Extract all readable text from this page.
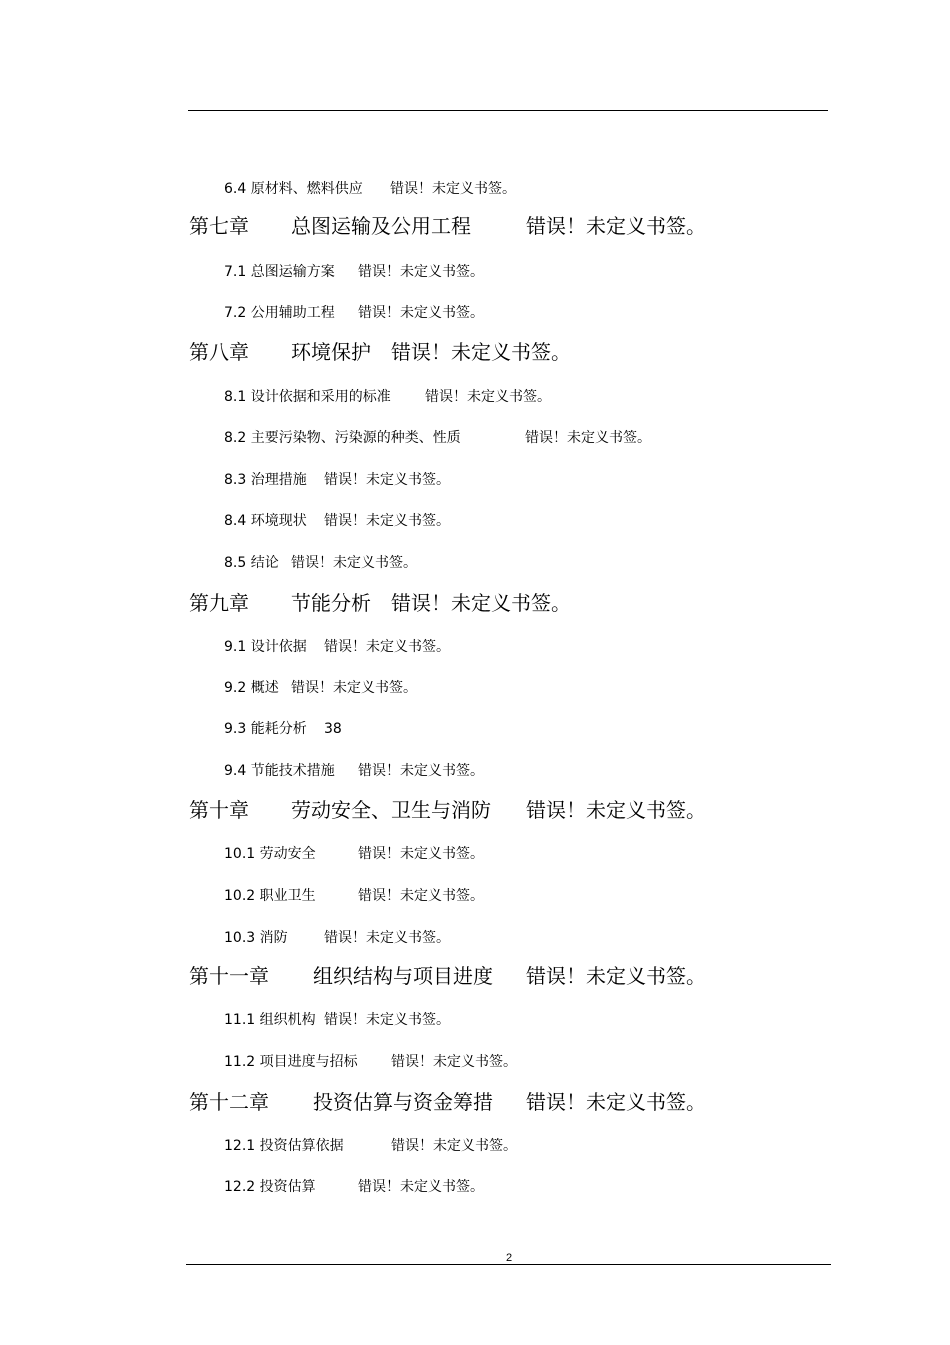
6.4 原材料、燃料供应 错误！未定义书签。
第七章 总图运输及公用工程	错误！未定义书签。
7.1 总图运输方案 错误！未定义书签。
7.2 公用辅助工程 错误！未定义书签。
第八章 环境保护 错误！未定义书签。
8.1 设计依据和采用的标准 错误！未定义书签。
8.2 主要污染物、污染源的种类、性质	错误！未定义书签。
8.3 治理措施 错误！未定义书签。
8.4 环境现状 错误！未定义书签。
8.5 结论 错误！未定义书签。
第九章 节能分析 错误！未定义书签。
9.1 设计依据 错误！未定义书签。
9.2 概述 错误！未定义书签。
9.3 能耗分析 38
9.4 节能技术措施 错误！未定义书签。
第十章 劳动安全、卫生与消防 错误！未定义书签。
10.1 劳动安全	错误！未定义书签。
10.2 职业卫生	错误！未定义书签。
10.3 消防	错误！未定义书签。
第十一章 组织结构与项目进度 错误！未定义书签。
11.1 组织机构 错误！未定义书签。
11.2 项目进度与招标 错误！未定义书签。
第十二章 投资估算与资金筹措 错误！未定义书签。
12.1 投资估算依据	错误！未定义书签。
12.2 投资估算	错误！未定义书签。
2
